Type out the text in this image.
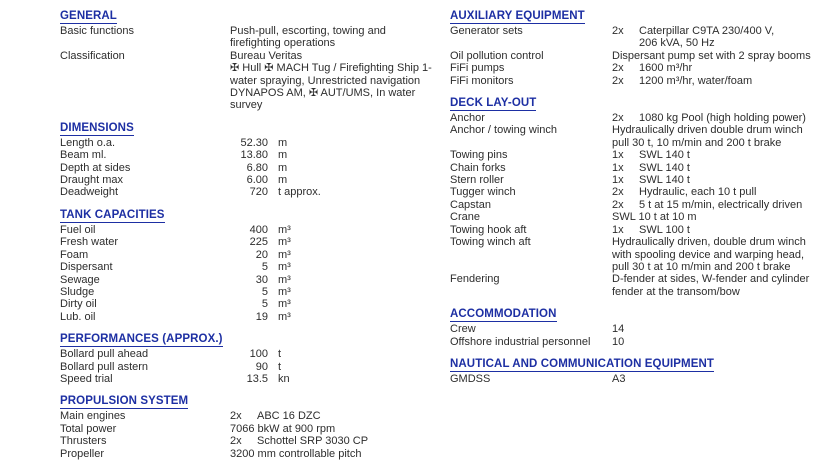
GENERAL
Basic functions	Push-pull, escorting, towing and
firefighting operations
Classification	Bureau Veritas
✠ Hull ✠ MACH Tug / Firefighting Ship 1-
water spraying, Unrestricted navigation
DYNAPOS AM, ✠ AUT/UMS, In water
survey
DIMENSIONS
Length o.a.	52.30 m
Beam ml.	13.80 m
Depth at sides	6.80 m
Draught max	6.00 m
Deadweight	720 t approx.
TANK CAPACITIES
Fuel oil	400 m³
Fresh water	225 m³
Foam	20 m³
Dispersant	5 m³
Sewage	30 m³
Sludge	5 m³
Dirty oil	5 m³
Lub. oil	19 m³
PERFORMANCES (APPROX.)
Bollard pull ahead	100 t
Bollard pull astern	90 t
Speed trial	13.5 kn
PROPULSION SYSTEM
Main engines	2x	ABC 16 DZC
Total power	7066 bkW at 900 rpm
Thrusters	2x	Schottel SRP 3030 CP
Propeller	3200 mm controllable pitch
AUXILIARY EQUIPMENT
Generator sets	2x	Caterpillar C9TA 230/400 V,
206 kVA, 50 Hz
Oil pollution control	Dispersant pump set with 2 spray booms
FiFi pumps	2x	1600 m³/hr
FiFi monitors	2x	1200 m³/hr, water/foam
DECK LAY-OUT
Anchor	2x	1080 kg Pool (high holding power)
Anchor / towing winch	Hydraulically driven double drum winch
pull 30 t, 10 m/min and 200 t brake
Towing pins	1x	SWL 140 t
Chain forks	1x	SWL 140 t
Stern roller	1x	SWL 140 t
Tugger winch	2x	Hydraulic, each 10 t pull
Capstan	2x	5 t at 15 m/min, electrically driven
Crane	SWL 10 t at 10 m
Towing hook aft	1x	SWL 100 t
Towing winch aft	Hydraulically driven, double drum winch
with spooling device and warping head,
pull 30 t at 10 m/min and 200 t brake
Fendering	D-fender at sides, W-fender and cylinder
fender at the transom/bow
ACCOMMODATION
Crew	14
Offshore industrial personnel	10
NAUTICAL AND COMMUNICATION EQUIPMENT
GMDSS	A3
